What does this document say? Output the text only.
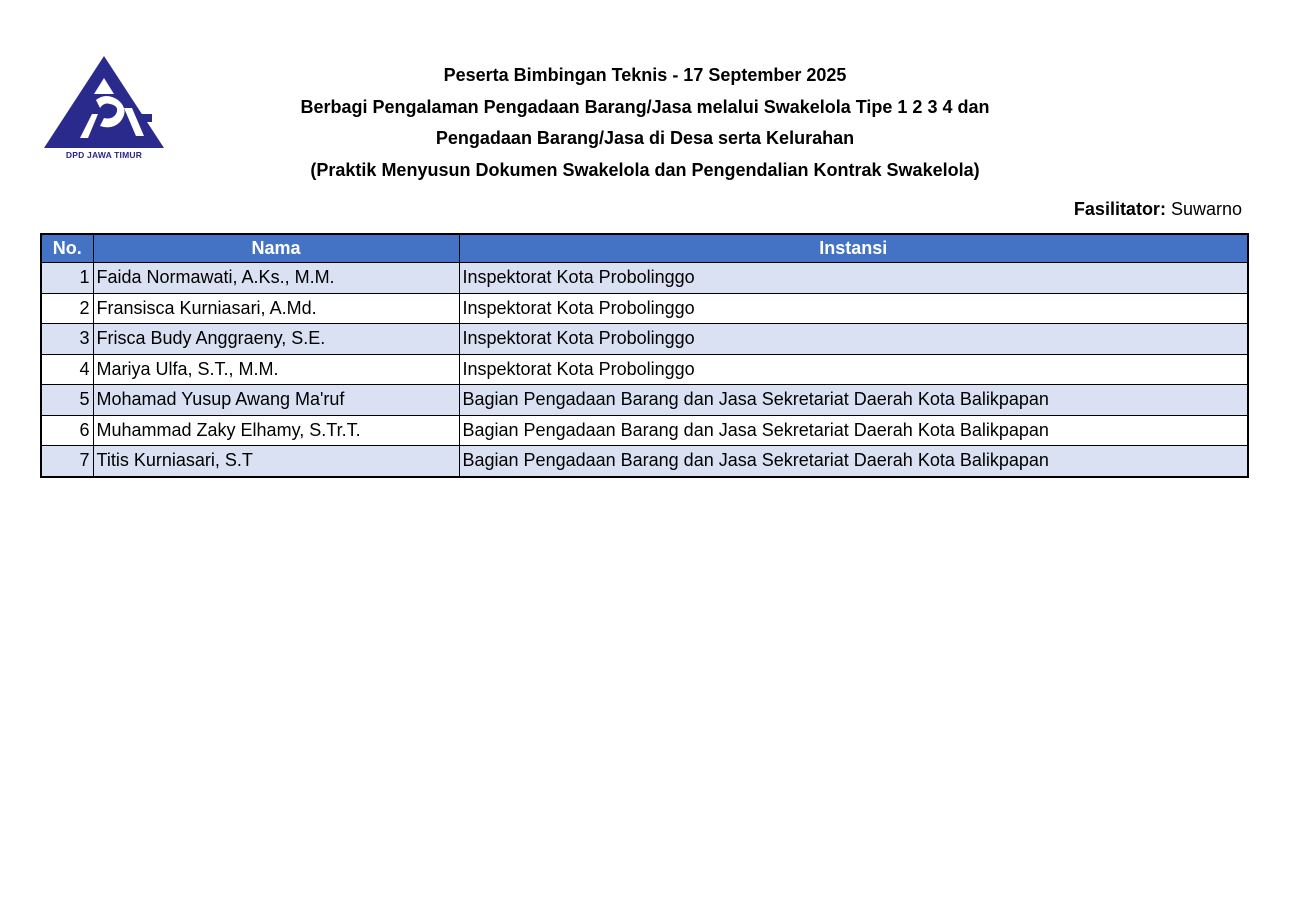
DPD JAWA TIMUR
Peserta Bimbingan Teknis - 17 September 2025
Berbagi Pengalaman Pengadaan Barang/Jasa melalui Swakelola Tipe 1 2 3 4 dan
Pengadaan Barang/Jasa di Desa serta Kelurahan
(Praktik Menyusun Dokumen Swakelola dan Pengendalian Kontrak Swakelola)
Fasilitator: Suwarno
No.	Nama	Instansi
1	Faida Normawati, A.Ks., M.M.	Inspektorat Kota Probolinggo
2	Fransisca Kurniasari, A.Md.	Inspektorat Kota Probolinggo
3	Frisca Budy Anggraeny, S.E.	Inspektorat Kota Probolinggo
4	Mariya Ulfa, S.T., M.M.	Inspektorat Kota Probolinggo
5	Mohamad Yusup Awang Ma'ruf	Bagian Pengadaan Barang dan Jasa Sekretariat Daerah Kota Balikpapan
6	Muhammad Zaky Elhamy, S.Tr.T.	Bagian Pengadaan Barang dan Jasa Sekretariat Daerah Kota Balikpapan
7	Titis Kurniasari, S.T	Bagian Pengadaan Barang dan Jasa Sekretariat Daerah Kota Balikpapan
